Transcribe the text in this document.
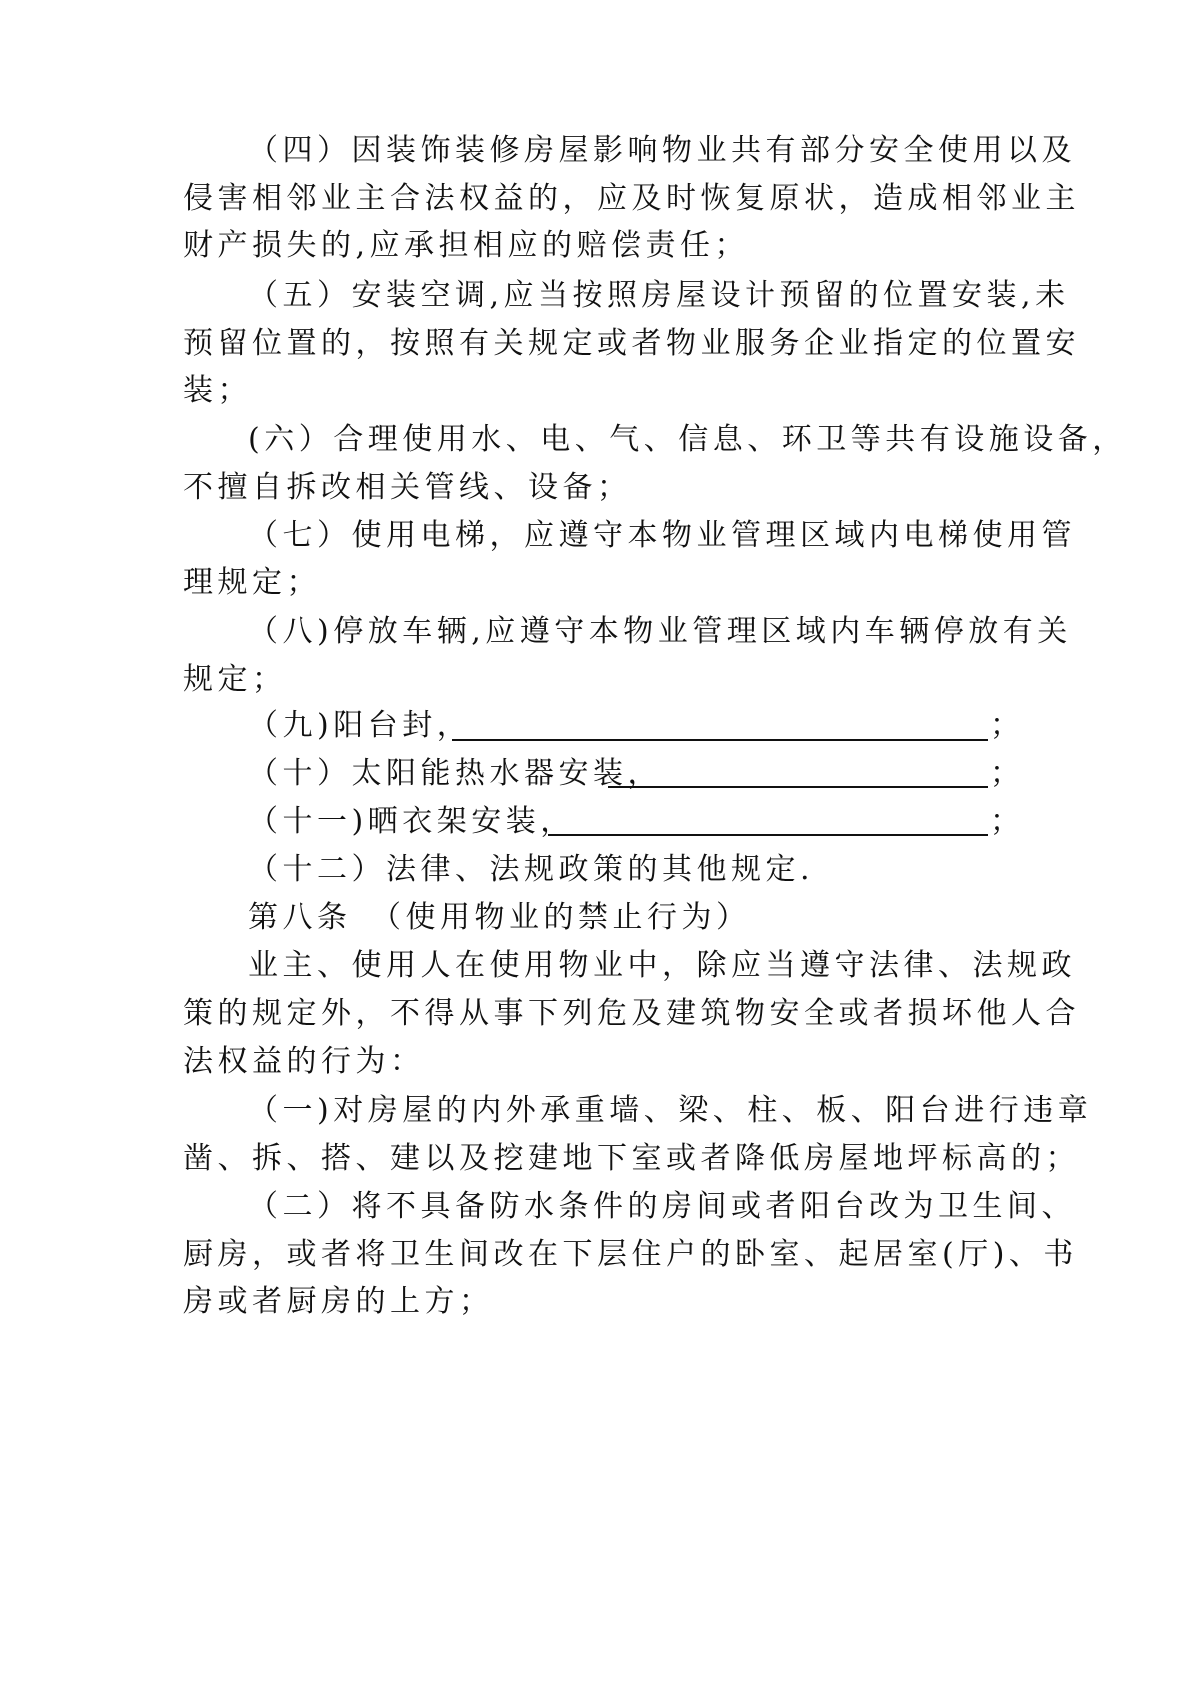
（四）因装饰装修房屋影响物业共有部分安全使用以及
侵害相邻业主合法权益的，应及时恢复原状，造成相邻业主
财产损失的,应承担相应的赔偿责任；
（五）安装空调,应当按照房屋设计预留的位置安装,未
预留位置的，按照有关规定或者物业服务企业指定的位置安
装；
(六）合理使用水、电、气、信息、环卫等共有设施设备，
不擅自拆改相关管线、设备；
（七）使用电梯，应遵守本物业管理区域内电梯使用管
理规定；
（八)停放车辆,应遵守本物业管理区域内车辆停放有关
规定；
（九)阳台封，	；
（十）太阳能热水器安装，	；
（十一)晒衣架安装，	；
（十二）法律、法规政策的其他规定.
第八条　（使用物业的禁止行为）
业主、使用人在使用物业中，除应当遵守法律、法规政
策的规定外，不得从事下列危及建筑物安全或者损坏他人合
法权益的行为：
（一)对房屋的内外承重墙、梁、柱、板、阳台进行违章
凿、拆、搭、建以及挖建地下室或者降低房屋地坪标高的；
（二）将不具备防水条件的房间或者阳台改为卫生间、
厨房，或者将卫生间改在下层住户的卧室、起居室(厅)、书
房或者厨房的上方；
